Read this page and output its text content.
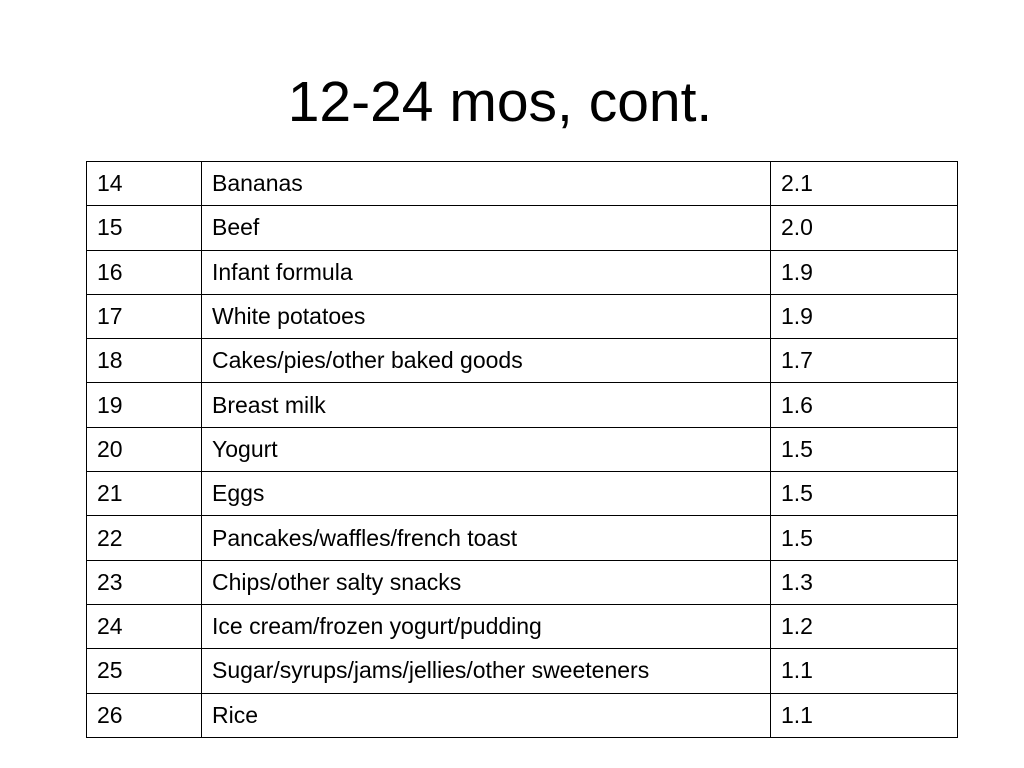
12-24 mos, cont.
14	Bananas	2.1
15	Beef	2.0
16	Infant formula	1.9
17	White potatoes	1.9
18	Cakes/pies/other baked goods	1.7
19	Breast milk	1.6
20	Yogurt	1.5
21	Eggs	1.5
22	Pancakes/waffles/french toast	1.5
23	Chips/other salty snacks	1.3
24	Ice cream/frozen yogurt/pudding	1.2
25	Sugar/syrups/jams/jellies/other sweeteners	1.1
26	Rice	1.1
